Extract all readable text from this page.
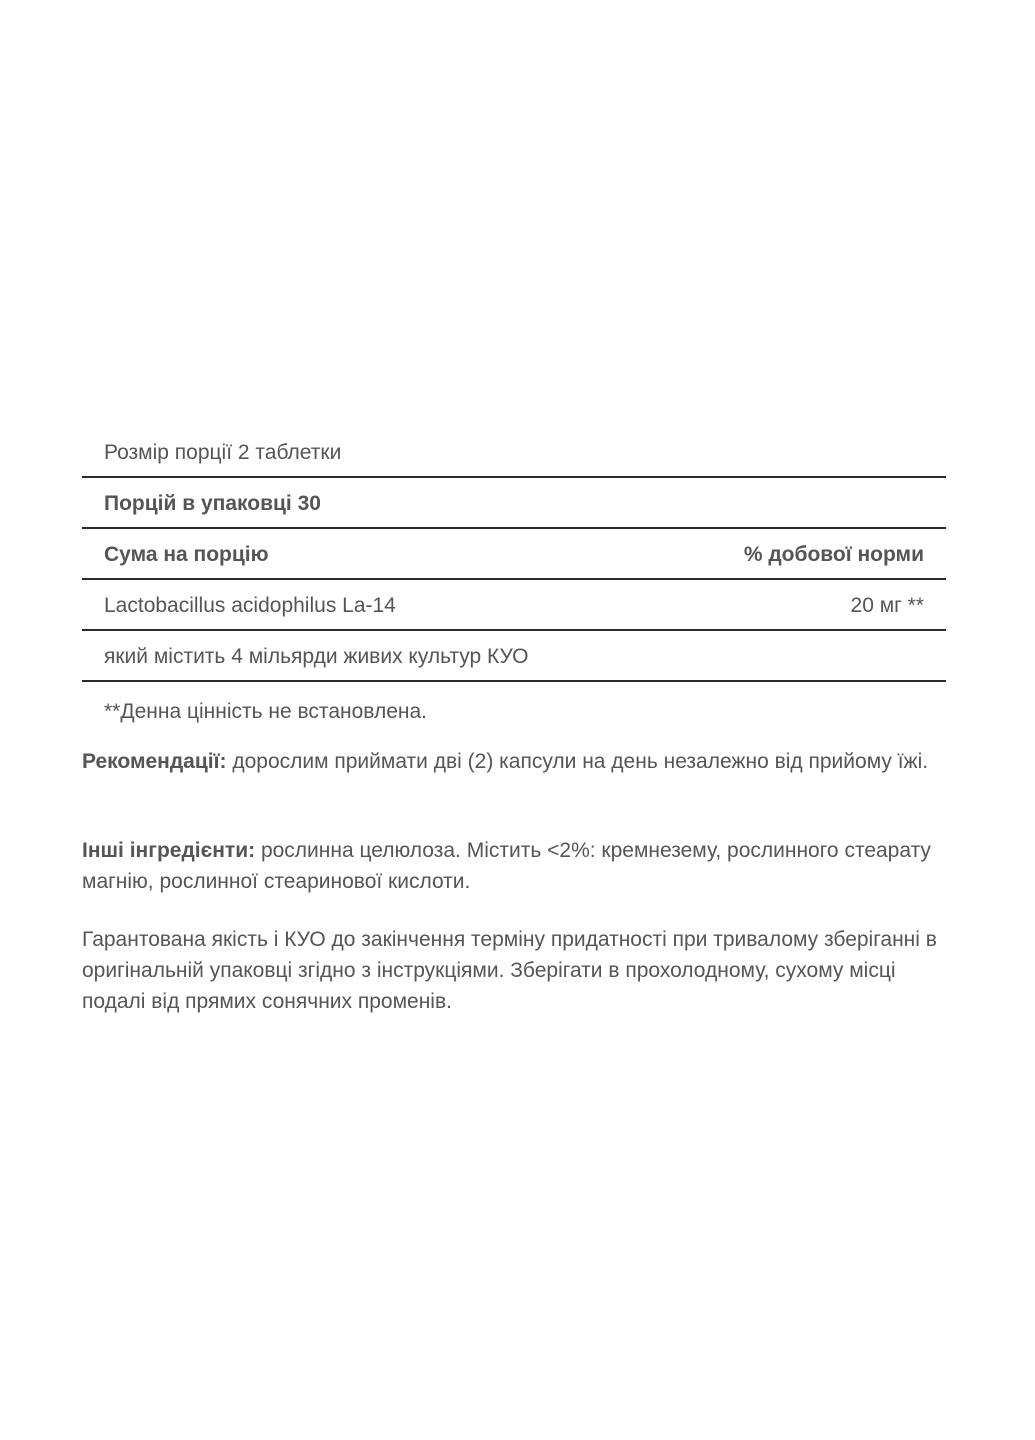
Розмір порції 2 таблетки
Порцій в упаковці 30
Сума на порцію	% добової норми
Lactobacillus acidophilus La-14	20 мг **
який містить 4 мільярди живих культур КУО
**Денна цінність не встановлена.
Рекомендації: дорослим приймати дві (2) капсули на день незалежно від прийому їжі.
Інші інгредієнти: рослинна целюлоза. Містить <2%: кремнезему, рослинного стеарату магнію, рослинної стеаринової кислоти.
Гарантована якість і КУО до закінчення терміну придатності при тривалому зберіганні в оригінальній упаковці згідно з інструкціями. Зберігати в прохолодному, сухому місці подалі від прямих сонячних променів.
